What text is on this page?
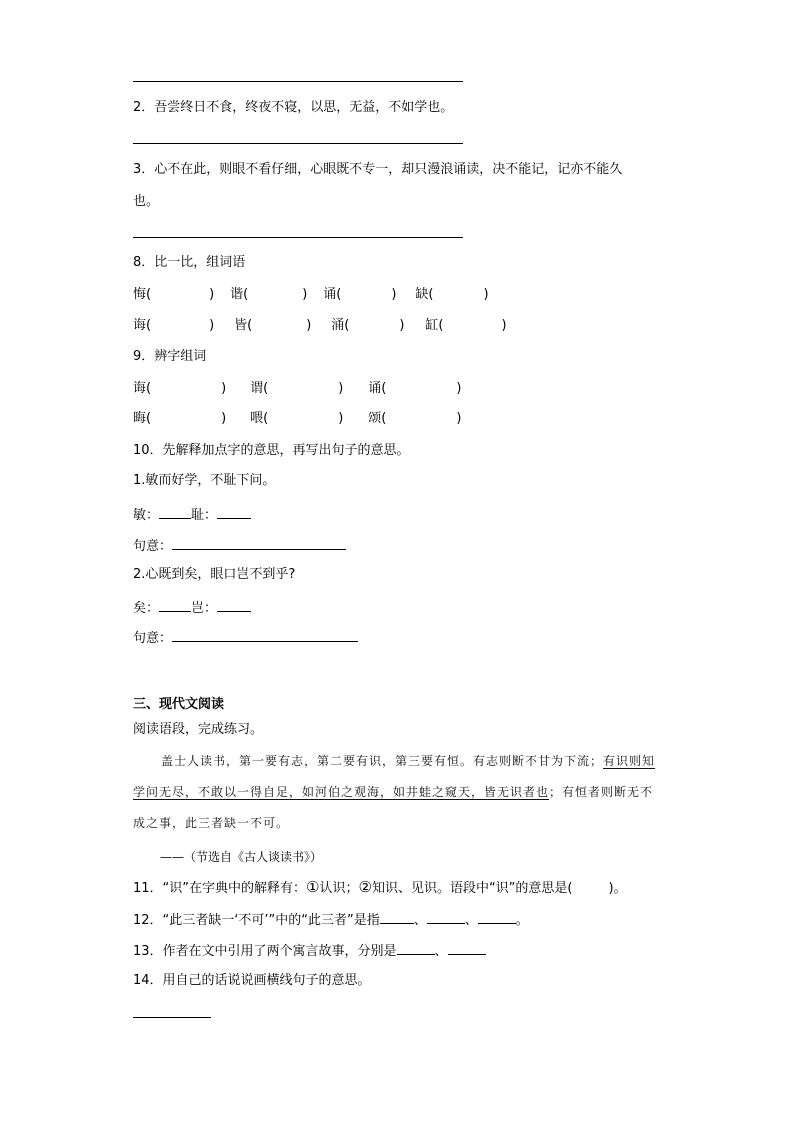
2．吾尝终日不食，终夜不寝，以思，无益，不如学也。
3．心不在此，则眼不看仔细，心眼既不专一，却只漫浪诵读，决不能记，记亦不能久
也。
8．比一比，组词语
悔(	) 谐(	) 诵(	) 缺(	)
诲(	) 皆(	) 涌(	) 缸(	)
9．辨字组词
诲(	) 谓(	) 诵(	)
晦(	) 喂(	) 颂(	)
10．先解释加点字的意思，再写出句子的意思。
1.敏而好学，不耻下问。
敏： 耻：
句意：
2.心既到矣，眼口岂不到乎?
矣： 岂：
句意：
三、现代文阅读
阅读语段，完成练习。
盖士人读书，第一要有志，第二要有识，第三要有恒。有志则断不甘为下流；有识则知学问无尽，不敢以一得自足，如河伯之观海，如井蛙之窥天，皆无识者也；有恒者则断无不成之事，此三者缺一不可。
——（节选自《古人谈读书》）
11．“识”在字典中的解释有：①认识；②知识、见识。语段中“识”的意思是(	)。
12．“此三者缺一‘不可’”中的“此三者”是指	、	、	。
13．作者在文中引用了两个寓言故事，分别是	、
14．用自己的话说说画横线句子的意思。
